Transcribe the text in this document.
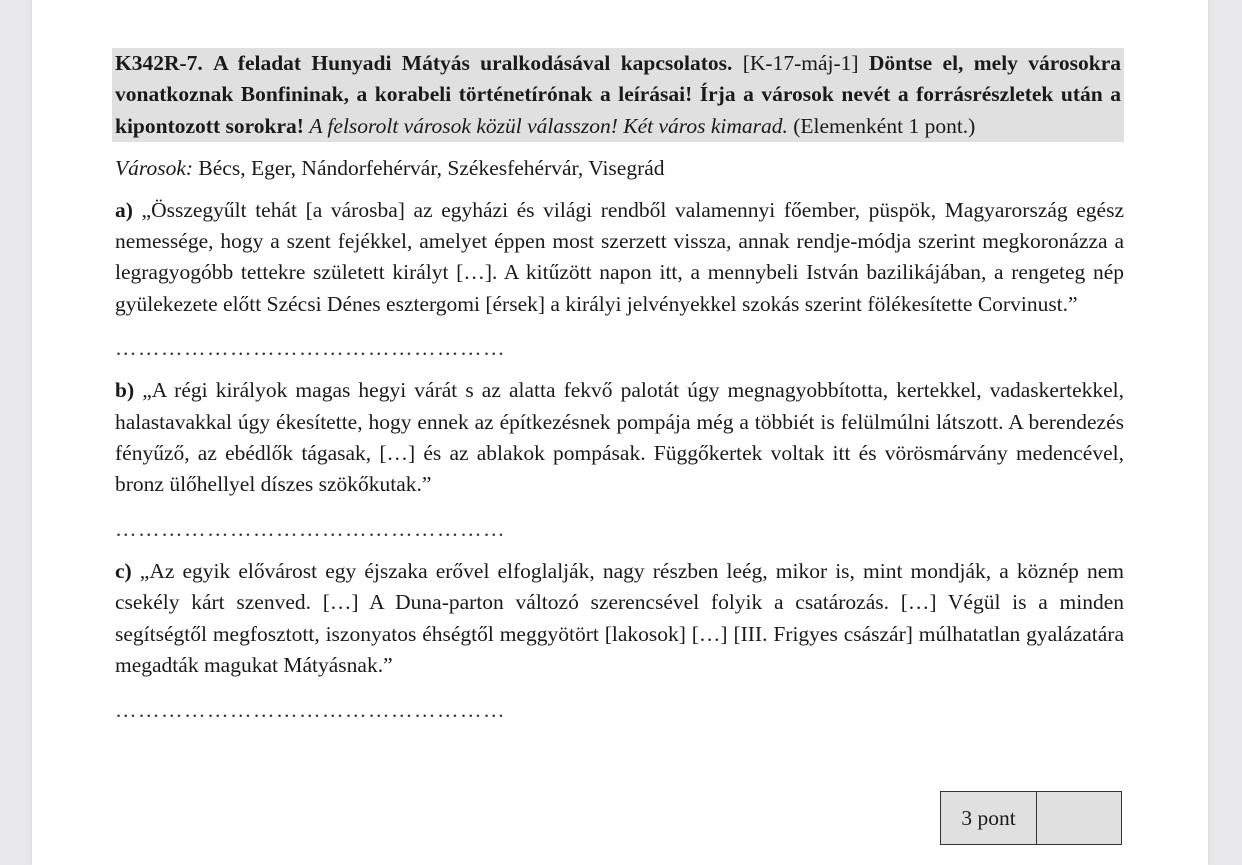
K342R-7. A feladat Hunyadi Mátyás uralkodásával kapcsolatos. [K-17-máj-1] Döntse el, mely városokra vonatkoznak Bonfininak, a korabeli történetírónak a leírásai! Írja a városok nevét a forrásrészletek után a kipontozott sorokra! A felsorolt városok közül válasszon! Két város kimarad. (Elemenként 1 pont.)

Városok: Bécs, Eger, Nándorfehérvár, Székesfehérvár, Visegrád
a) „Összegyűlt tehát [a városba] az egyházi és világi rendből valamennyi főember, püspök, Magyarország egész nemessége, hogy a szent fejékkel, amelyet éppen most szerzett vissza, annak rendje-módja szerint megkoronázza a legragyogóbb tettekre született királyt […]. A kitűzött napon itt, a mennybeli István bazilikájában, a rengeteg nép gyülekezete előtt Szécsi Dénes esztergomi [érsek] a királyi jelvényekkel szokás szerint fölékesítette Corvinust.”
……………………………………………
b) „A régi királyok magas hegyi várát s az alatta fekvő palotát úgy megnagyobbította, kertekkel, vadaskertekkel, halastavakkal úgy ékesítette, hogy ennek az építkezésnek pompája még a többiét is felülmúlni látszott. A berendezés fényűző, az ebédlők tágasak, […] és az ablakok pompásak. Függőkertek voltak itt és vörösmárvány medencével, bronz ülőhellyel díszes szökőkutak.”
……………………………………………
c) „Az egyik elővárost egy éjszaka erővel elfoglalják, nagy részben leég, mikor is, mint mondják, a köznép nem csekély kárt szenved. […] A Duna-parton változó szerencsével folyik a csatározás. […] Végül is a minden segítségtől megfosztott, iszonyatos éhségtől meggyötört [lakosok] […] [III. Frigyes császár] múlhatatlan gyalázatára megadták magukat Mátyásnak.”
……………………………………………
3 pont
